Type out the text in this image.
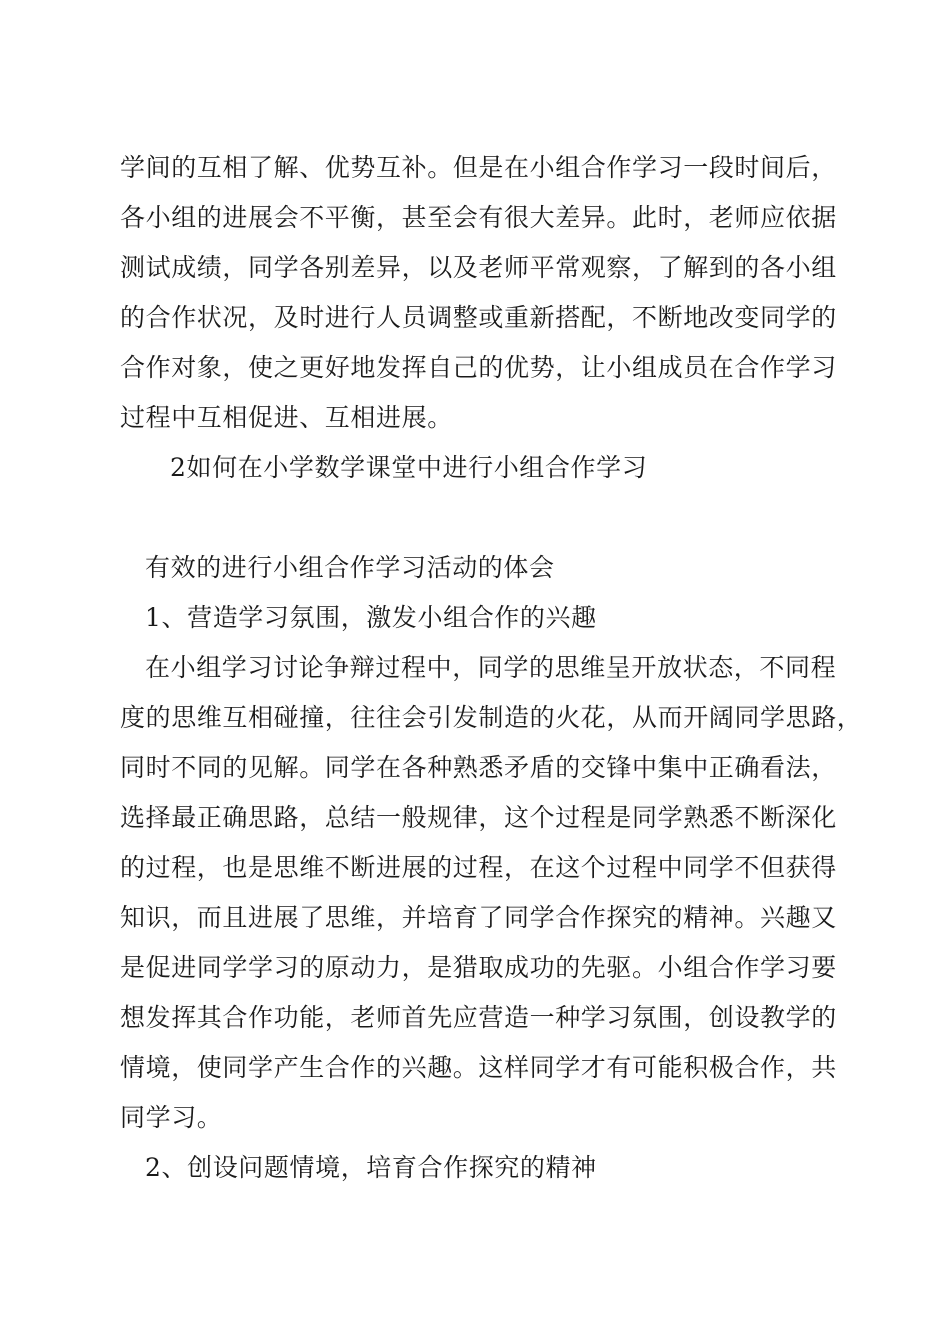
学间的互相了解、优势互补。但是在小组合作学习一段时间后，
各小组的进展会不平衡，甚至会有很大差异。此时，老师应依据
测试成绩，同学各别差异，以及老师平常观察，了解到的各小组
的合作状况，及时进行人员调整或重新搭配，不断地改变同学的
合作对象，使之更好地发挥自己的优势，让小组成员在合作学习
过程中互相促进、互相进展。
2如何在小学数学课堂中进行小组合作学习
有效的进行小组合作学习活动的体会
1、营造学习氛围，激发小组合作的兴趣
在小组学习讨论争辩过程中，同学的思维呈开放状态，不同程
度的思维互相碰撞，往往会引发制造的火花，从而开阔同学思路，
同时不同的见解。同学在各种熟悉矛盾的交锋中集中正确看法，
选择最正确思路，总结一般规律，这个过程是同学熟悉不断深化
的过程，也是思维不断进展的过程，在这个过程中同学不但获得
知识，而且进展了思维，并培育了同学合作探究的精神。兴趣又
是促进同学学习的原动力，是猎取成功的先驱。小组合作学习要
想发挥其合作功能，老师首先应营造一种学习氛围，创设教学的
情境，使同学产生合作的兴趣。这样同学才有可能积极合作，共
同学习。
2、创设问题情境，培育合作探究的精神
